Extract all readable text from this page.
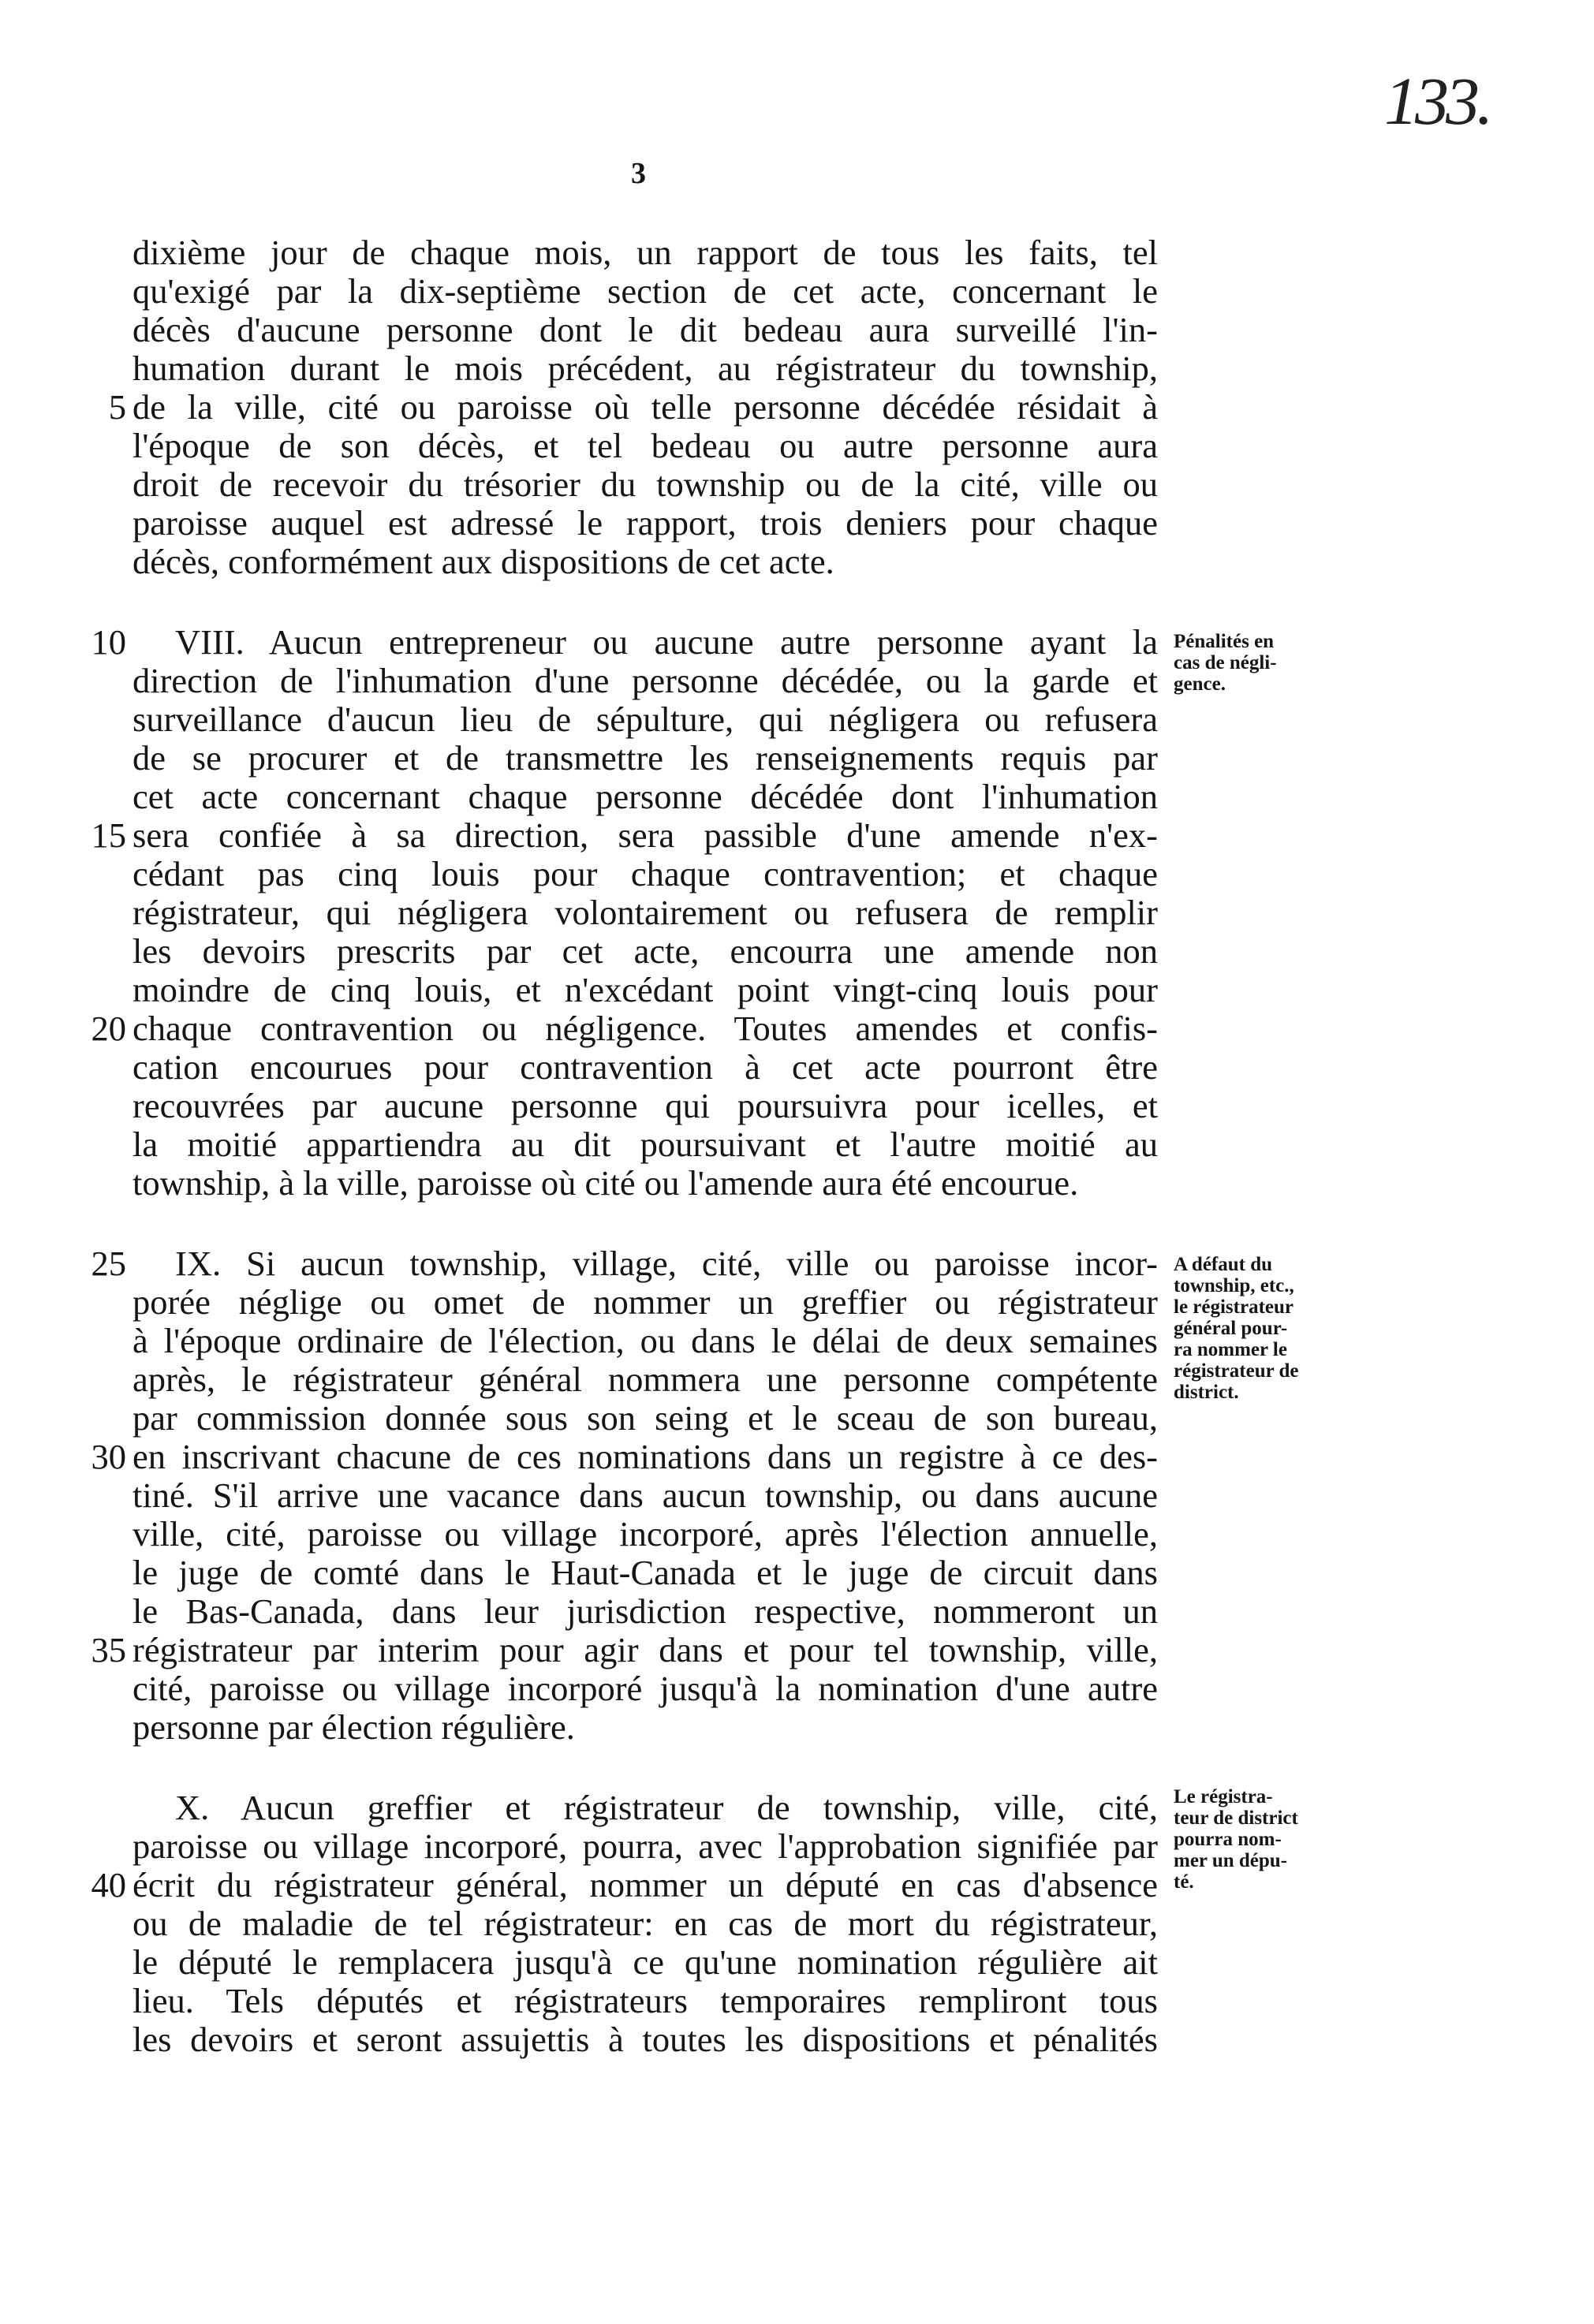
133.
3
dixième jour de chaque mois, un rapport de tous les faits, tel
qu'exigé par la dix-septième section de cet acte, concernant le
décès d'aucune personne dont le dit bedeau aura surveillé l'in-
humation durant le mois précédent, au régistrateur du township,
de la ville, cité ou paroisse où telle personne décédée résidait à
l'époque de son décès, et tel bedeau ou autre personne aura
droit de recevoir du trésorier du township ou de la cité, ville ou
paroisse auquel est adressé le rapport, trois deniers pour chaque
décès, conformément aux dispositions de cet acte.
VIII. Aucun entrepreneur ou aucune autre personne ayant la
direction de l'inhumation d'une personne décédée, ou la garde et
surveillance d'aucun lieu de sépulture, qui négligera ou refusera
de se procurer et de transmettre les renseignements requis par
cet acte concernant chaque personne décédée dont l'inhumation
sera confiée à sa direction, sera passible d'une amende n'ex-
cédant pas cinq louis pour chaque contravention; et chaque
régistrateur, qui négligera volontairement ou refusera de remplir
les devoirs prescrits par cet acte, encourra une amende non
moindre de cinq louis, et n'excédant point vingt-cinq louis pour
chaque contravention ou négligence. Toutes amendes et confis-
cation encourues pour contravention à cet acte pourront être
recouvrées par aucune personne qui poursuivra pour icelles, et
la moitié appartiendra au dit poursuivant et l'autre moitié au
township, à la ville, paroisse où cité ou l'amende aura été encourue.
IX. Si aucun township, village, cité, ville ou paroisse incor-
porée néglige ou omet de nommer un greffier ou régistrateur
à l'époque ordinaire de l'élection, ou dans le délai de deux semaines
après, le régistrateur général nommera une personne compétente
par commission donnée sous son seing et le sceau de son bureau,
en inscrivant chacune de ces nominations dans un registre à ce des-
tiné. S'il arrive une vacance dans aucun township, ou dans aucune
ville, cité, paroisse ou village incorporé, après l'élection annuelle,
le juge de comté dans le Haut-Canada et le juge de circuit dans
le Bas-Canada, dans leur jurisdiction respective, nommeront un
régistrateur par interim pour agir dans et pour tel township, ville,
cité, paroisse ou village incorporé jusqu'à la nomination d'une autre
personne par élection régulière.
X. Aucun greffier et régistrateur de township, ville, cité,
paroisse ou village incorporé, pourra, avec l'approbation signifiée par
écrit du régistrateur général, nommer un député en cas d'absence
ou de maladie de tel régistrateur: en cas de mort du régistrateur,
le député le remplacera jusqu'à ce qu'une nomination régulière ait
lieu. Tels députés et régistrateurs temporaires rempliront tous
les devoirs et seront assujettis à toutes les dispositions et pénalités
5
10
15
20
25
30
35
40
Pénalités en
cas de négli-
gence.
A défaut du
township, etc.,
le régistrateur
général pour-
ra nommer le
régistrateur de
district.
Le régistra-
teur de district
pourra nom-
mer un dépu-
té.
